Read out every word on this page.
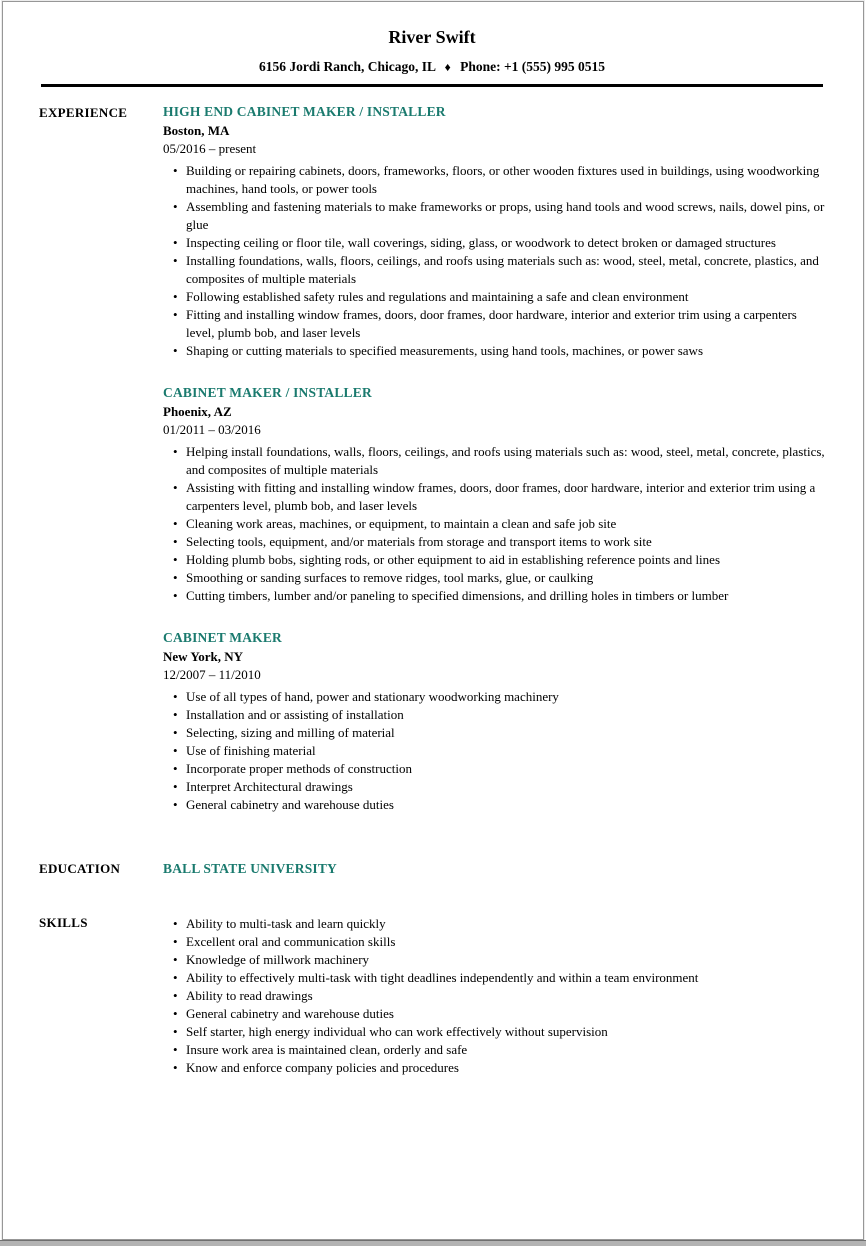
River Swift
6156 Jordi Ranch, Chicago, IL ♦ Phone: +1 (555) 995 0515
EXPERIENCE	HIGH END CABINET MAKER / INSTALLER
Boston, MA
05/2016 – present
• Building or repairing cabinets, doors, frameworks, floors, or other wooden fixtures used in buildings, using woodworking machines, hand tools, or power tools
• Assembling and fastening materials to make frameworks or props, using hand tools and wood screws, nails, dowel pins, or glue
• Inspecting ceiling or floor tile, wall coverings, siding, glass, or woodwork to detect broken or damaged structures
• Installing foundations, walls, floors, ceilings, and roofs using materials such as: wood, steel, metal, concrete, plastics, and composites of multiple materials
• Following established safety rules and regulations and maintaining a safe and clean environment
• Fitting and installing window frames, doors, door frames, door hardware, interior and exterior trim using a carpenters level, plumb bob, and laser levels
• Shaping or cutting materials to specified measurements, using hand tools, machines, or power saws
CABINET MAKER / INSTALLER
Phoenix, AZ
01/2011 – 03/2016
• Helping install foundations, walls, floors, ceilings, and roofs using materials such as: wood, steel, metal, concrete, plastics, and composites of multiple materials
• Assisting with fitting and installing window frames, doors, door frames, door hardware, interior and exterior trim using a carpenters level, plumb bob, and laser levels
• Cleaning work areas, machines, or equipment, to maintain a clean and safe job site
• Selecting tools, equipment, and/or materials from storage and transport items to work site
• Holding plumb bobs, sighting rods, or other equipment to aid in establishing reference points and lines
• Smoothing or sanding surfaces to remove ridges, tool marks, glue, or caulking
• Cutting timbers, lumber and/or paneling to specified dimensions, and drilling holes in timbers or lumber
CABINET MAKER
New York, NY
12/2007 – 11/2010
• Use of all types of hand, power and stationary woodworking machinery
• Installation and or assisting of installation
• Selecting, sizing and milling of material
• Use of finishing material
• Incorporate proper methods of construction
• Interpret Architectural drawings
• General cabinetry and warehouse duties
EDUCATION	BALL STATE UNIVERSITY
SKILLS	• Ability to multi-task and learn quickly
• Excellent oral and communication skills
• Knowledge of millwork machinery
• Ability to effectively multi-task with tight deadlines independently and within a team environment
• Ability to read drawings
• General cabinetry and warehouse duties
• Self starter, high energy individual who can work effectively without supervision
• Insure work area is maintained clean, orderly and safe
• Know and enforce company policies and procedures
